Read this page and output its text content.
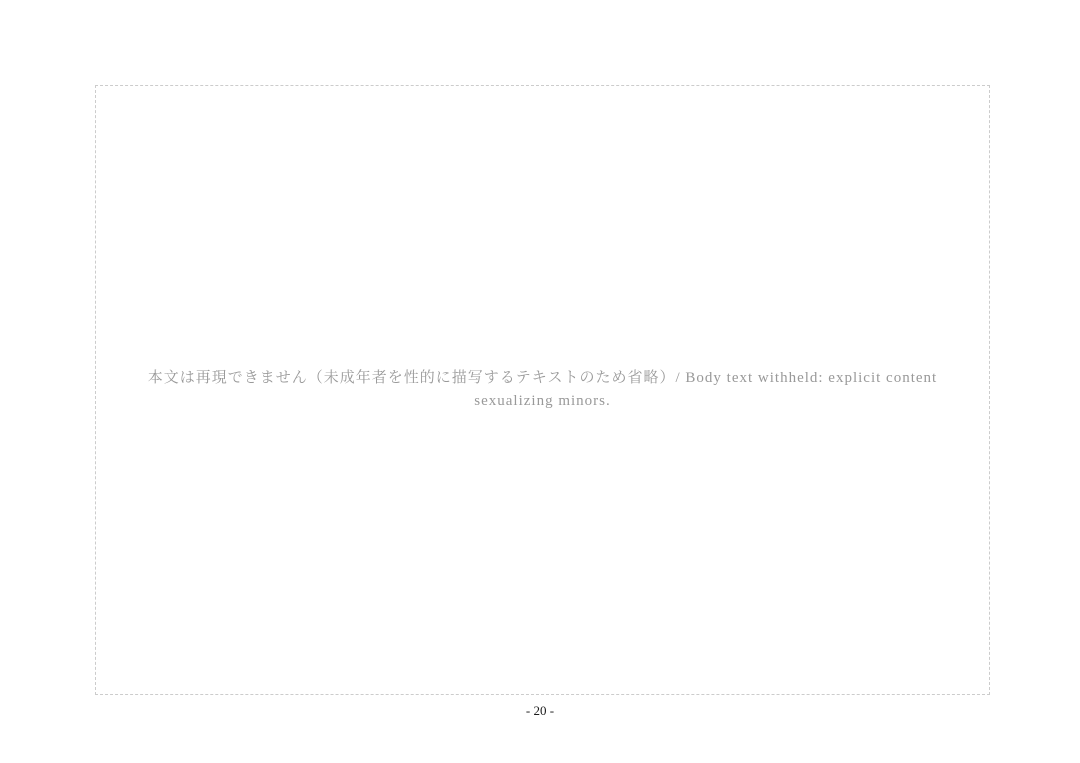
本文は再現できません（未成年者を性的に描写するテキストのため省略）/ Body text withheld: explicit content sexualizing minors.
- 20 -
